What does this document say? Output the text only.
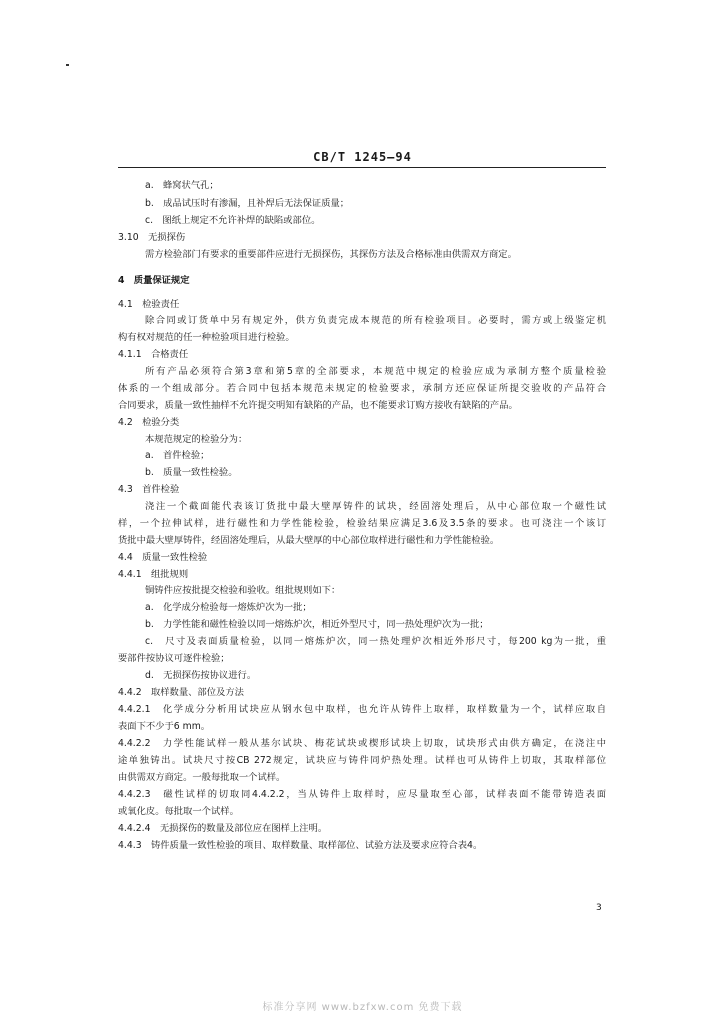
CB/T 1245—94
a.　蜂窝状气孔；
b.　成品试压时有渗漏，且补焊后无法保证质量；
c.　图纸上规定不允许补焊的缺陷或部位。
3.10　无损探伤
需方检验部门有要求的重要部件应进行无损探伤，其探伤方法及合格标准由供需双方商定。
4　质量保证规定
4.1　检验责任
除合同或订货单中另有规定外，供方负责完成本规范的所有检验项目。必要时，需方或上级鉴定机
构有权对规范的任一种检验项目进行检验。
4.1.1　合格责任
所有产品必须符合第3章和第5章的全部要求，本规范中规定的检验应成为承制方整个质量检验
体系的一个组成部分。若合同中包括本规范未规定的检验要求，承制方还应保证所提交验收的产品符合
合同要求，质量一致性抽样不允许提交明知有缺陷的产品，也不能要求订购方接收有缺陷的产品。
4.2　检验分类
本规范规定的检验分为：
a.　首件检验；
b.　质量一致性检验。
4.3　首件检验
浇注一个截面能代表该订货批中最大壁厚铸件的试块，经固溶处理后，从中心部位取一个磁性试
样，一个拉伸试样，进行磁性和力学性能检验，检验结果应满足3.6及3.5条的要求。也可浇注一个该订
货批中最大壁厚铸件，经固溶处理后，从最大壁厚的中心部位取样进行磁性和力学性能检验。
4.4　质量一致性检验
4.4.1　组批规则
铜铸件应按批提交检验和验收。组批规则如下：
a.　化学成分检验每一熔炼炉次为一批；
b.　力学性能和磁性检验以同一熔炼炉次，相近外型尺寸，同一热处理炉次为一批；
c.　尺寸及表面质量检验，以同一熔炼炉次，同一热处理炉次相近外形尺寸，每200 kg为一批，重
要部件按协议可逐件检验；
d.　无损探伤按协议进行。
4.4.2　取样数量、部位及方法
4.4.2.1　化学成分分析用试块应从钢水包中取样，也允许从铸件上取样，取样数量为一个，试样应取自
表面下不少于6 mm。
4.4.2.2　力学性能试样一般从基尔试块、梅花试块或楔形试块上切取，试块形式由供方确定，在浇注中
途单独铸出。试块尺寸按CB 272规定，试块应与铸件同炉热处理。试样也可从铸件上切取，其取样部位
由供需双方商定。一般每批取一个试样。
4.4.2.3　磁性试样的切取同4.4.2.2，当从铸件上取样时，应尽量取至心部，试样表面不能带铸造表面
或氧化皮。每批取一个试样。
4.4.2.4　无损探伤的数量及部位应在图样上注明。
4.4.3　铸件质量一致性检验的项目、取样数量、取样部位、试验方法及要求应符合表4。
3
标准分享网 www.bzfxw.com 免费下载
